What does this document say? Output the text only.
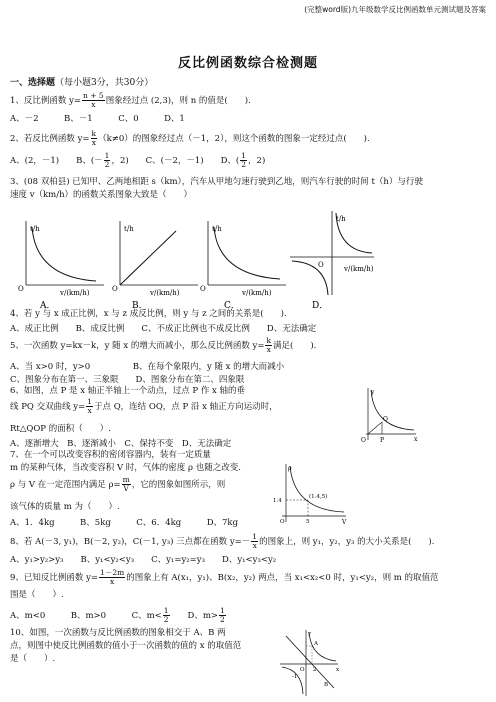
(完整word版)九年级数学反比例函数单元测试题及答案
反比例函数综合检测题
一、选择题（每小题3分，共30分）
1、反比例函数 $y= \frac{n + 5}{x}$ 图象经过点 (2,3)，则 n 的值是(　　).
A、－2　　　B、－1　　　C、0　　　D、1
2、若反比例函数 $y= \frac{k}{x} (k\ne 0)$的图象经过点（－1，2），则这个函数的图象一定经过点(　　).
A、(2，－1)　　B、(－ $\frac{1}{2}$ ，2)　　C、(－2，－1)　　D、( $\frac{1}{2}$ ，2)
3、(08 双柏县) 已知甲、乙两地相距 s（km），汽车从甲地匀速行驶到乙地，则汽车行驶的时间 t（h）与行驶
速度 v（km/h）的函数关系图象大致是（　　）
t/h
O	v/(km/h)
A．
t/h
O	v/(km/h)
B．
t/h
O	v/(km/h)
C．
t/h
O	v/(km/h)
D．
4、若 y 与 x 成正比例，x 与 z 成反比例，则 y 与 z 之间的关系是(　　).
A、成正比例　　B、成反比例　　C、不成正比例也不成反比例　　D、无法确定
5、一次函数 y=kx－k，y 随 x 的增大而减小，那么反比例函数 $y= \frac{k}{x}$ 满足(　　).
A、当 x>0 时，y>0　　　　　B、在每个象限内，y 随 x 的增大而减小
C、图象分布在第一、三象限　　D、图象分布在第二、四象限
6、如图，点 P 是 x 轴正半轴上一个动点，过点 P 作 x 轴的垂
线 PQ 交双曲线 $y= \frac{1}{x}$ 于点 Q，连结 OQ，点 P 沿 x 轴正方向运动时，
Rt△QOP 的面积（　　）.
A、逐渐增大　B、逐渐减小　C、保持不变　D、无法确定
y
x
Q
P
O
7、在一个可以改变容积的密闭容器内，装有一定质量
m 的某种气体，当改变容积 V 时，气体的密度 ρ 也随之改变.
ρ 与 V 在一定范围内满足 $\rho= \frac{m}{V}$ ，它的图象如图所示，则
该气体的质量 m 为（　　）.
A、1．4kg　　　B、5kg　　　C、6．4kg　　　D、7kg
ρ
V
(1.4,5)
1.4
O	5
8、若 A(－3, y₁)，B(－2, y₂)，C(－1, y₃) 三点都在函数 $y=- \frac{1}{x}$ 的图象上，则 y₁，y₂，y₃ 的大小关系是(　　).
A、y₁>y₂>y₃　　B、y₁<y₂<y₃　　C、y₁=y₂=y₃　　D、y₁<y₃<y₂
9、已知反比例函数 $y= \frac{1-2m}{x}$ 的图象上有 A(x₁，y₁)、B(x₂，y₂) 两点，当 x₁<x₂<0 时，y₁<y₂，则 m 的取值范
围是（　　）.
A、m<0　　　B、m>0　　　C、$m< \frac{1}{2}$ 　　D、$m> \frac{1}{2}$
10、如图，一次函数与反比例函数的图象相交于 A、B 两
点，则图中使反比例函数的值小于一次函数的值的 x 的取值范
是（　　）.
y
x
A
B
O 2
-1
